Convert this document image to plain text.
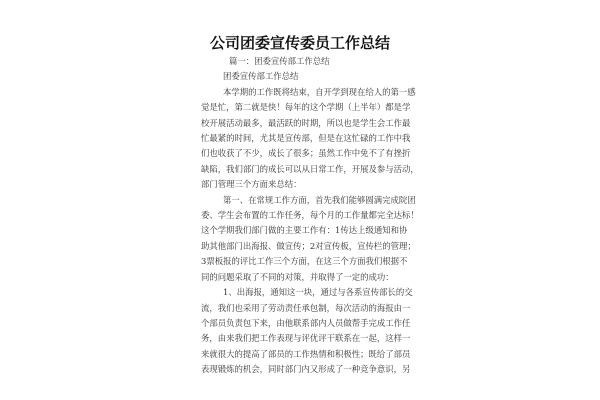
公司团委宣传委员工作总结

篇一：团委宣传部工作总结

团委宣传部工作总结

本学期的工作既将结束，自开学到现在给人的第一感

觉是忙，第二就是快！每年的这个学期（上半年）都是学

校开展活动最多，最活跃的时期，所以也是学生会工作最

忙最紧的时间，尤其是宣传部，但是在这忙碌的工作中我

们也收获了不少，成长了很多；虽然工作中免不了有挫折

缺陷，我们部门的成长可以从日常工作，开展及参与活动，

部门管理三个方面来总结：

第一、在常规工作方面，首先我们能够圆满完成院团

委、学生会布置的工作任务，每个月的工作量都完全达标！

这个学期我们部门做的主要工作有：1传达上级通知和协

助其他部门出海报、做宣传；2对宣传板，宣传栏的管理；

3票板报的评比工作三个方面，在这三个方面我们根据不

同的问题采取了不同的对策，并取得了一定的成功：

1、出海报，通知这一块，通过与各系宣传部长的交

流，我们也采用了劳动责任承包制，每次活动的海报由一

个部员负责包下来，由他联系部内人员做帮手完成工作任

务，由来我们把工作表现与评优评干联系在一起，这样一

来就很大的提高了部员的工作热情和积极性；既给了部员

表现锻炼的机会，同时部门内又形成了一种竞争意识，另
